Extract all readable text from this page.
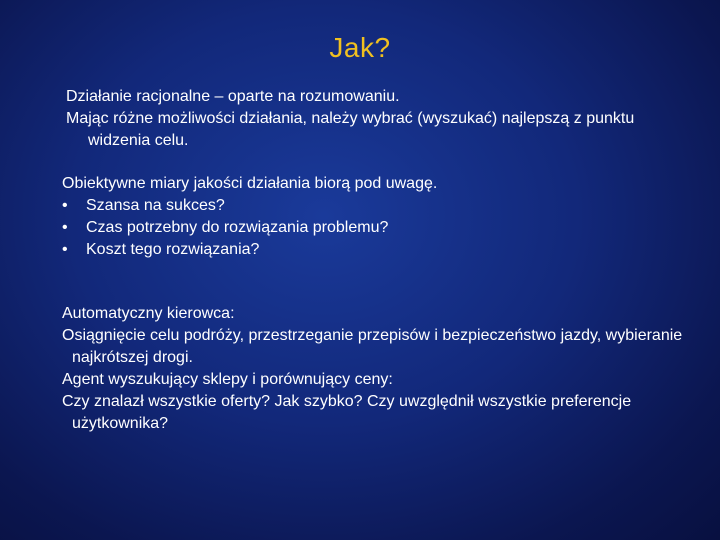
Jak?
Działanie racjonalne – oparte na rozumowaniu.
Mając różne możliwości działania, należy wybrać (wyszukać) najlepszą z punktu widzenia celu.
Obiektywne miary jakości działania biorą pod uwagę.
• Szansa na sukces?
• Czas potrzebny do rozwiązania problemu?
• Koszt tego rozwiązania?
Automatyczny kierowca:
Osiągnięcie celu podróży, przestrzeganie przepisów i bezpieczeństwo jazdy, wybieranie najkrótszej drogi.
Agent wyszukujący sklepy i porównujący ceny:
Czy znalazł wszystkie oferty? Jak szybko? Czy uwzględnił wszystkie preferencje użytkownika?
